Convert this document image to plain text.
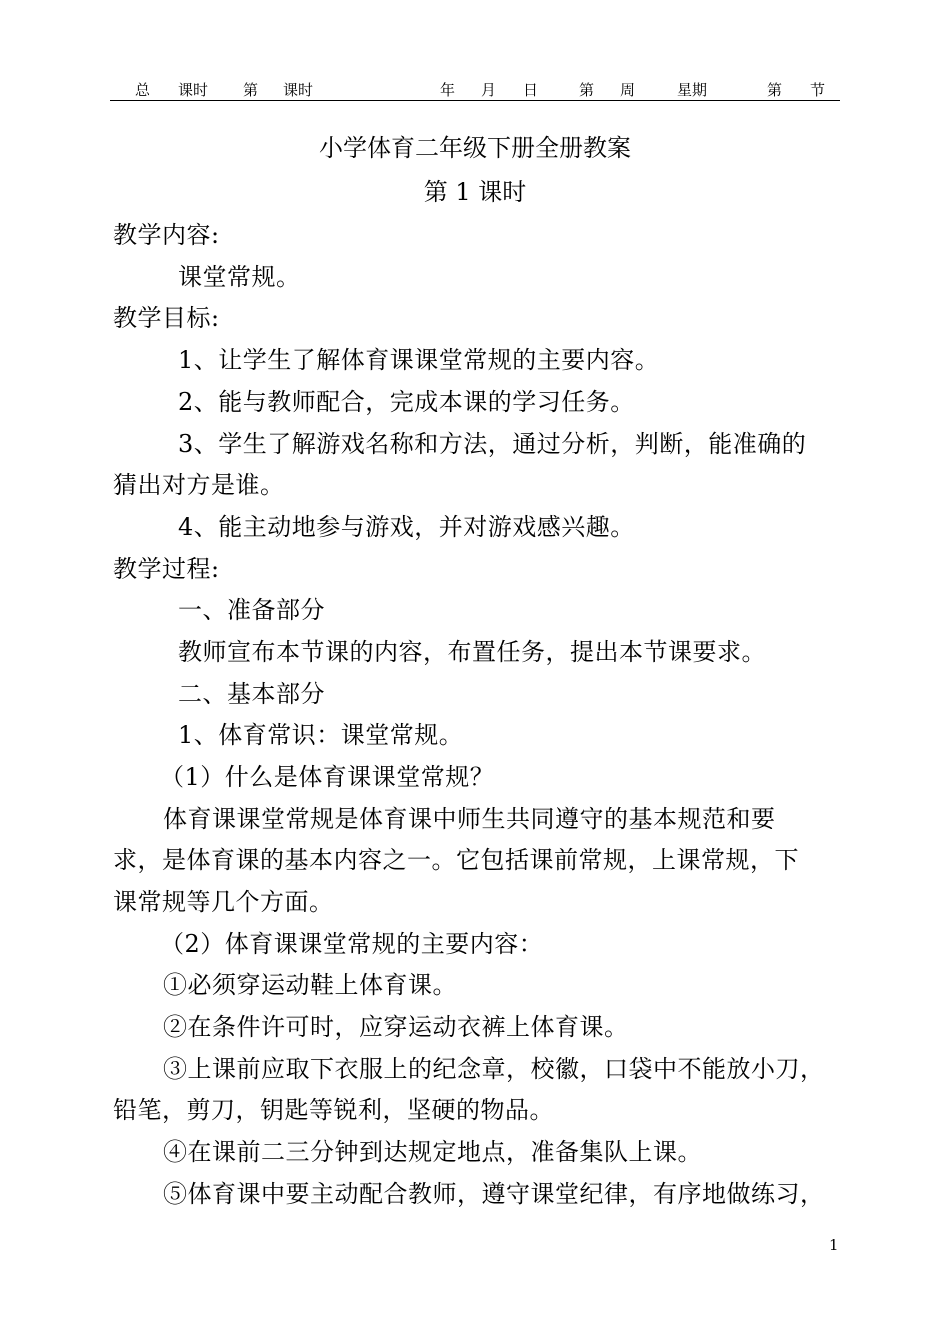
总 课时 第 课时	年 月 日	第 周	星期	第 节
小学体育二年级下册全册教案
第 1 课时
教学内容:
课堂常规。
教学目标:
1、让学生了解体育课课堂常规的主要内容。
2、能与教师配合，完成本课的学习任务。
3、学生了解游戏名称和方法，通过分析，判断，能准确的
猜出对方是谁。
4、能主动地参与游戏，并对游戏感兴趣。
教学过程:
一、准备部分
教师宣布本节课的内容，布置任务，提出本节课要求。
二、基本部分
1、体育常识：课堂常规。
（1）什么是体育课课堂常规？
体育课课堂常规是体育课中师生共同遵守的基本规范和要
求，是体育课的基本内容之一。它包括课前常规，上课常规，下
课常规等几个方面。
（2）体育课课堂常规的主要内容：
①必须穿运动鞋上体育课。
②在条件许可时，应穿运动衣裤上体育课。
③上课前应取下衣服上的纪念章，校徽，口袋中不能放小刀，
铅笔，剪刀，钥匙等锐利，坚硬的物品。
④在课前二三分钟到达规定地点，准备集队上课。
⑤体育课中要主动配合教师，遵守课堂纪律，有序地做练习，
1
